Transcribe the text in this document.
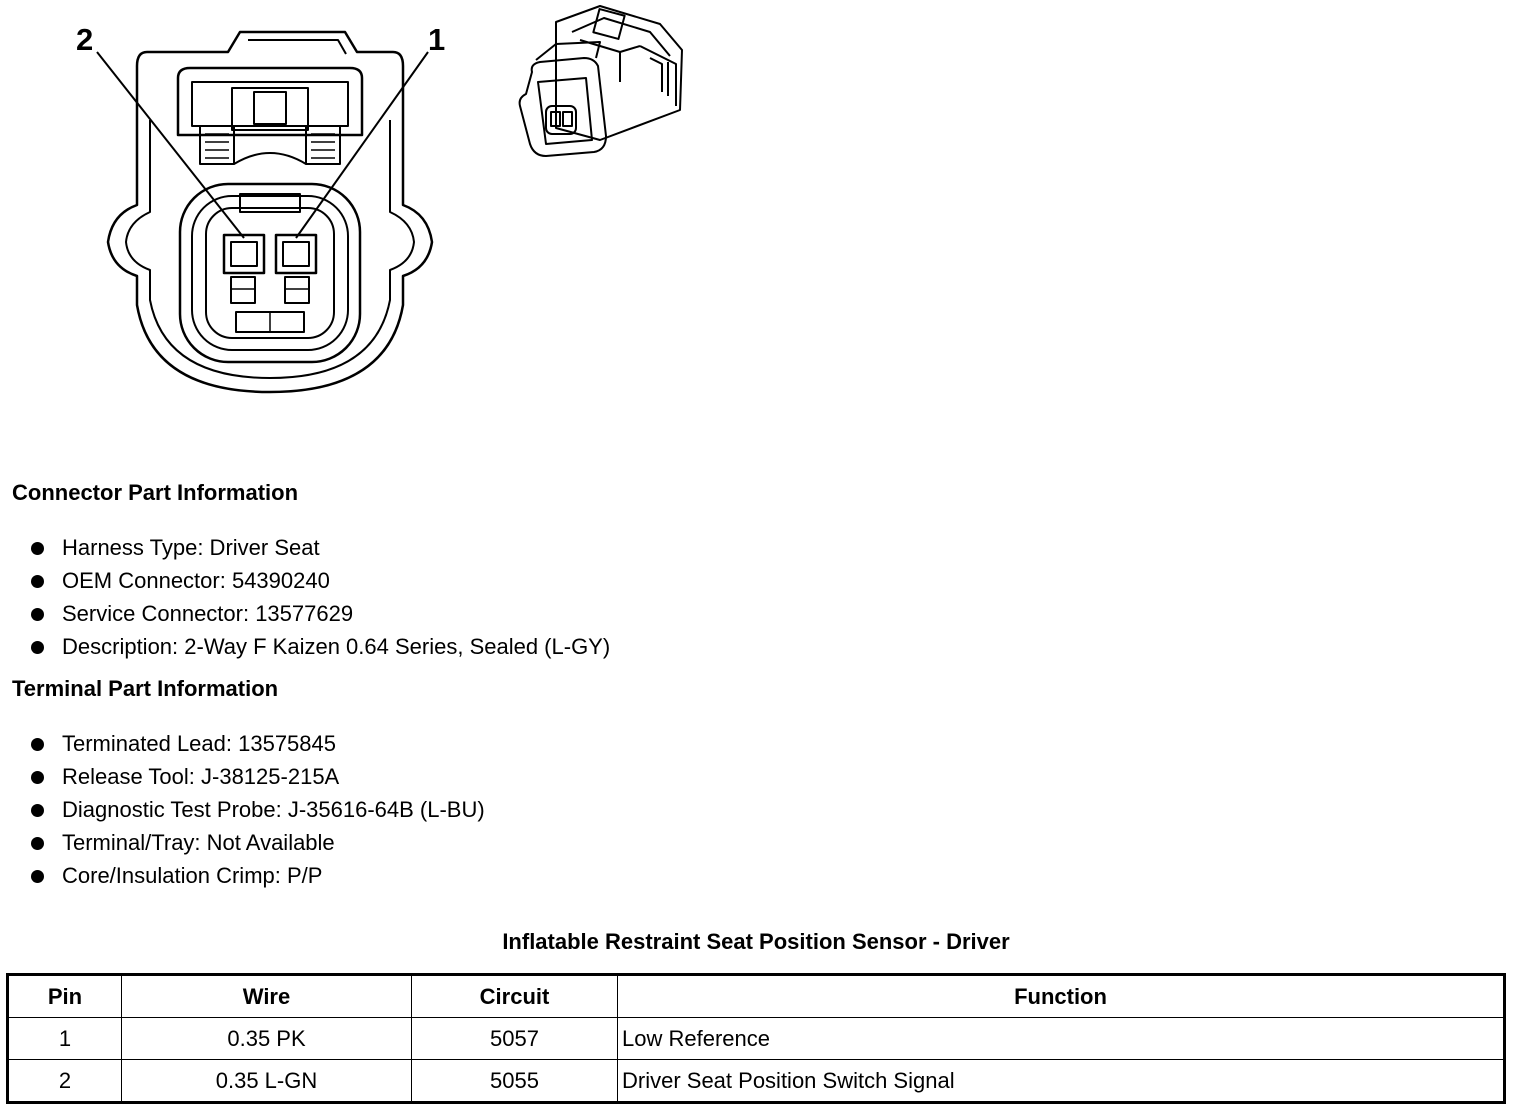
2	1
Connector Part Information
Harness Type: Driver Seat
OEM Connector: 54390240
Service Connector: 13577629
Description: 2-Way F Kaizen 0.64 Series, Sealed (L-GY)
Terminal Part Information
Terminated Lead: 13575845
Release Tool: J-38125-215A
Diagnostic Test Probe: J-35616-64B (L-BU)
Terminal/Tray: Not Available
Core/Insulation Crimp: P/P
Inflatable Restraint Seat Position Sensor - Driver
Pin	Wire	Circuit	Function
1	0.35 PK	5057	Low Reference
2	0.35 L-GN	5055	Driver Seat Position Switch Signal
